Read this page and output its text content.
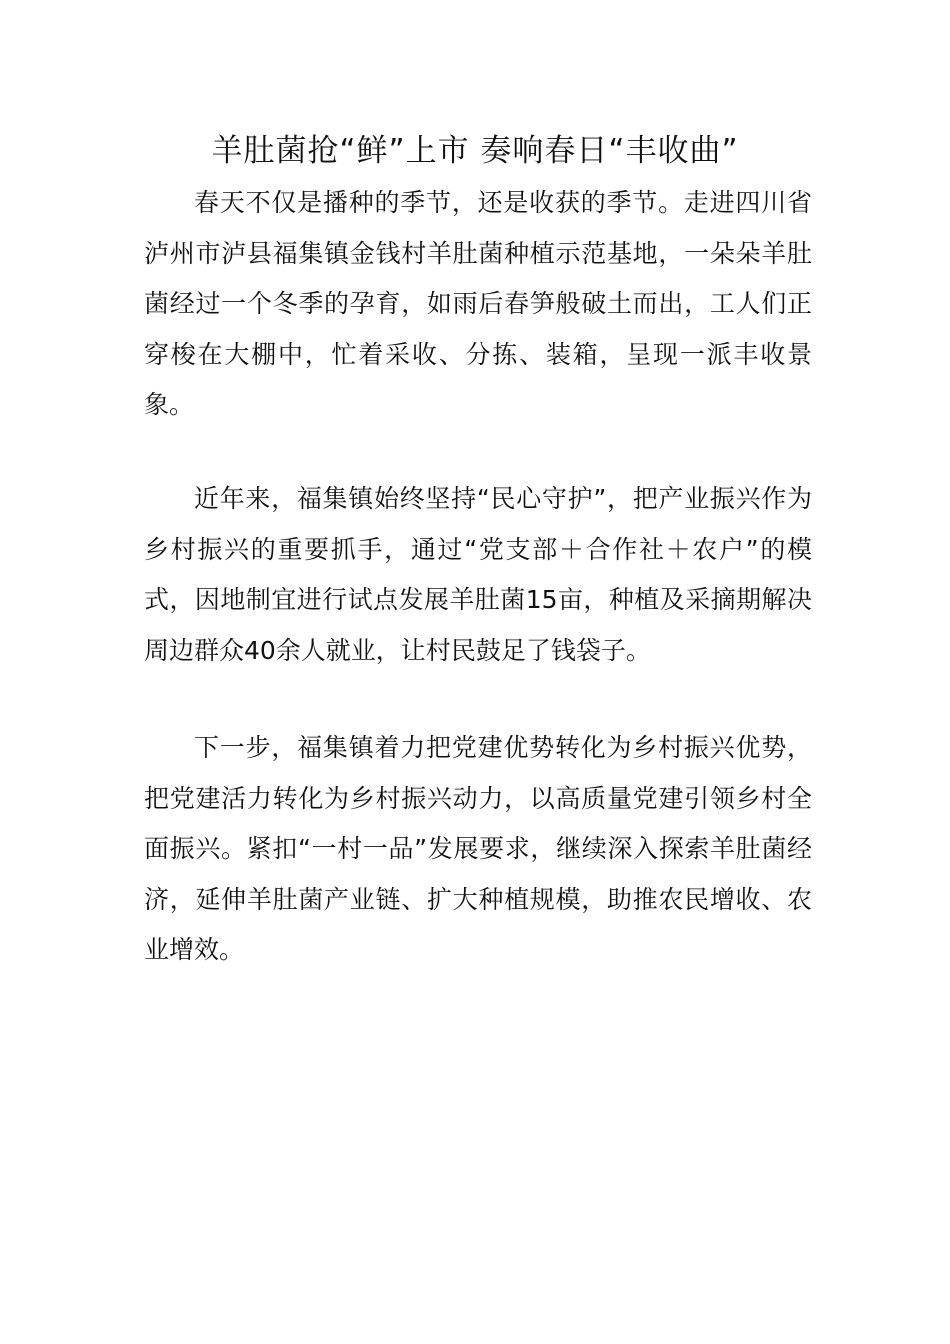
羊肚菌抢“鲜”上市 奏响春日“丰收曲”

春天不仅是播种的季节，还是收获的季节。走进四川省泸州市泸县福集镇金钱村羊肚菌种植示范基地，一朵朵羊肚菌经过一个冬季的孕育，如雨后春笋般破土而出，工人们正穿梭在大棚中，忙着采收、分拣、装箱，呈现一派丰收景象。

近年来，福集镇始终坚持“民心守护”，把产业振兴作为乡村振兴的重要抓手，通过“党支部＋合作社＋农户”的模式，因地制宜进行试点发展羊肚菌15亩，种植及采摘期解决周边群众40余人就业，让村民鼓足了钱袋子。

下一步，福集镇着力把党建优势转化为乡村振兴优势，把党建活力转化为乡村振兴动力，以高质量党建引领乡村全面振兴。紧扣“一村一品”发展要求，继续深入探索羊肚菌经济，延伸羊肚菌产业链、扩大种植规模，助推农民增收、农业增效。
